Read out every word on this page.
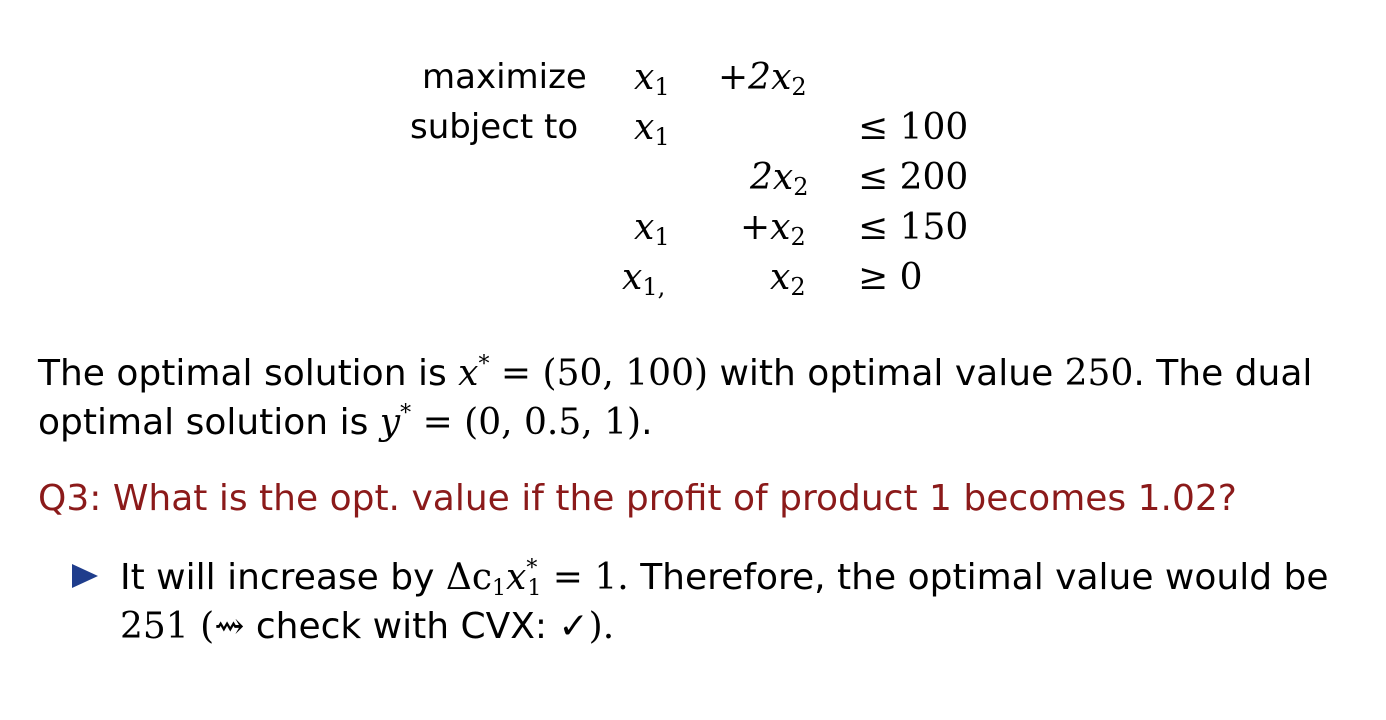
maximize
subject to
$x_1 +2x_2$
$x_1$	≤ 100
$2x_2 \le 200$
$x_1 +x_2 \le 150$
$x_{1,}$	$x_2 \ge 0$
The optimal solution is x* = (50, 100) with optimal value 250. The dual
optimal solution is y* = (0, 0.5, 1).
Q3: What is the opt. value if the profit of product 1 becomes 1.02?
It will increase by $\Delta c_1x^*_1 = 1$. Therefore, the optimal value would be
251 (⇝ check with CVX: ✓).
